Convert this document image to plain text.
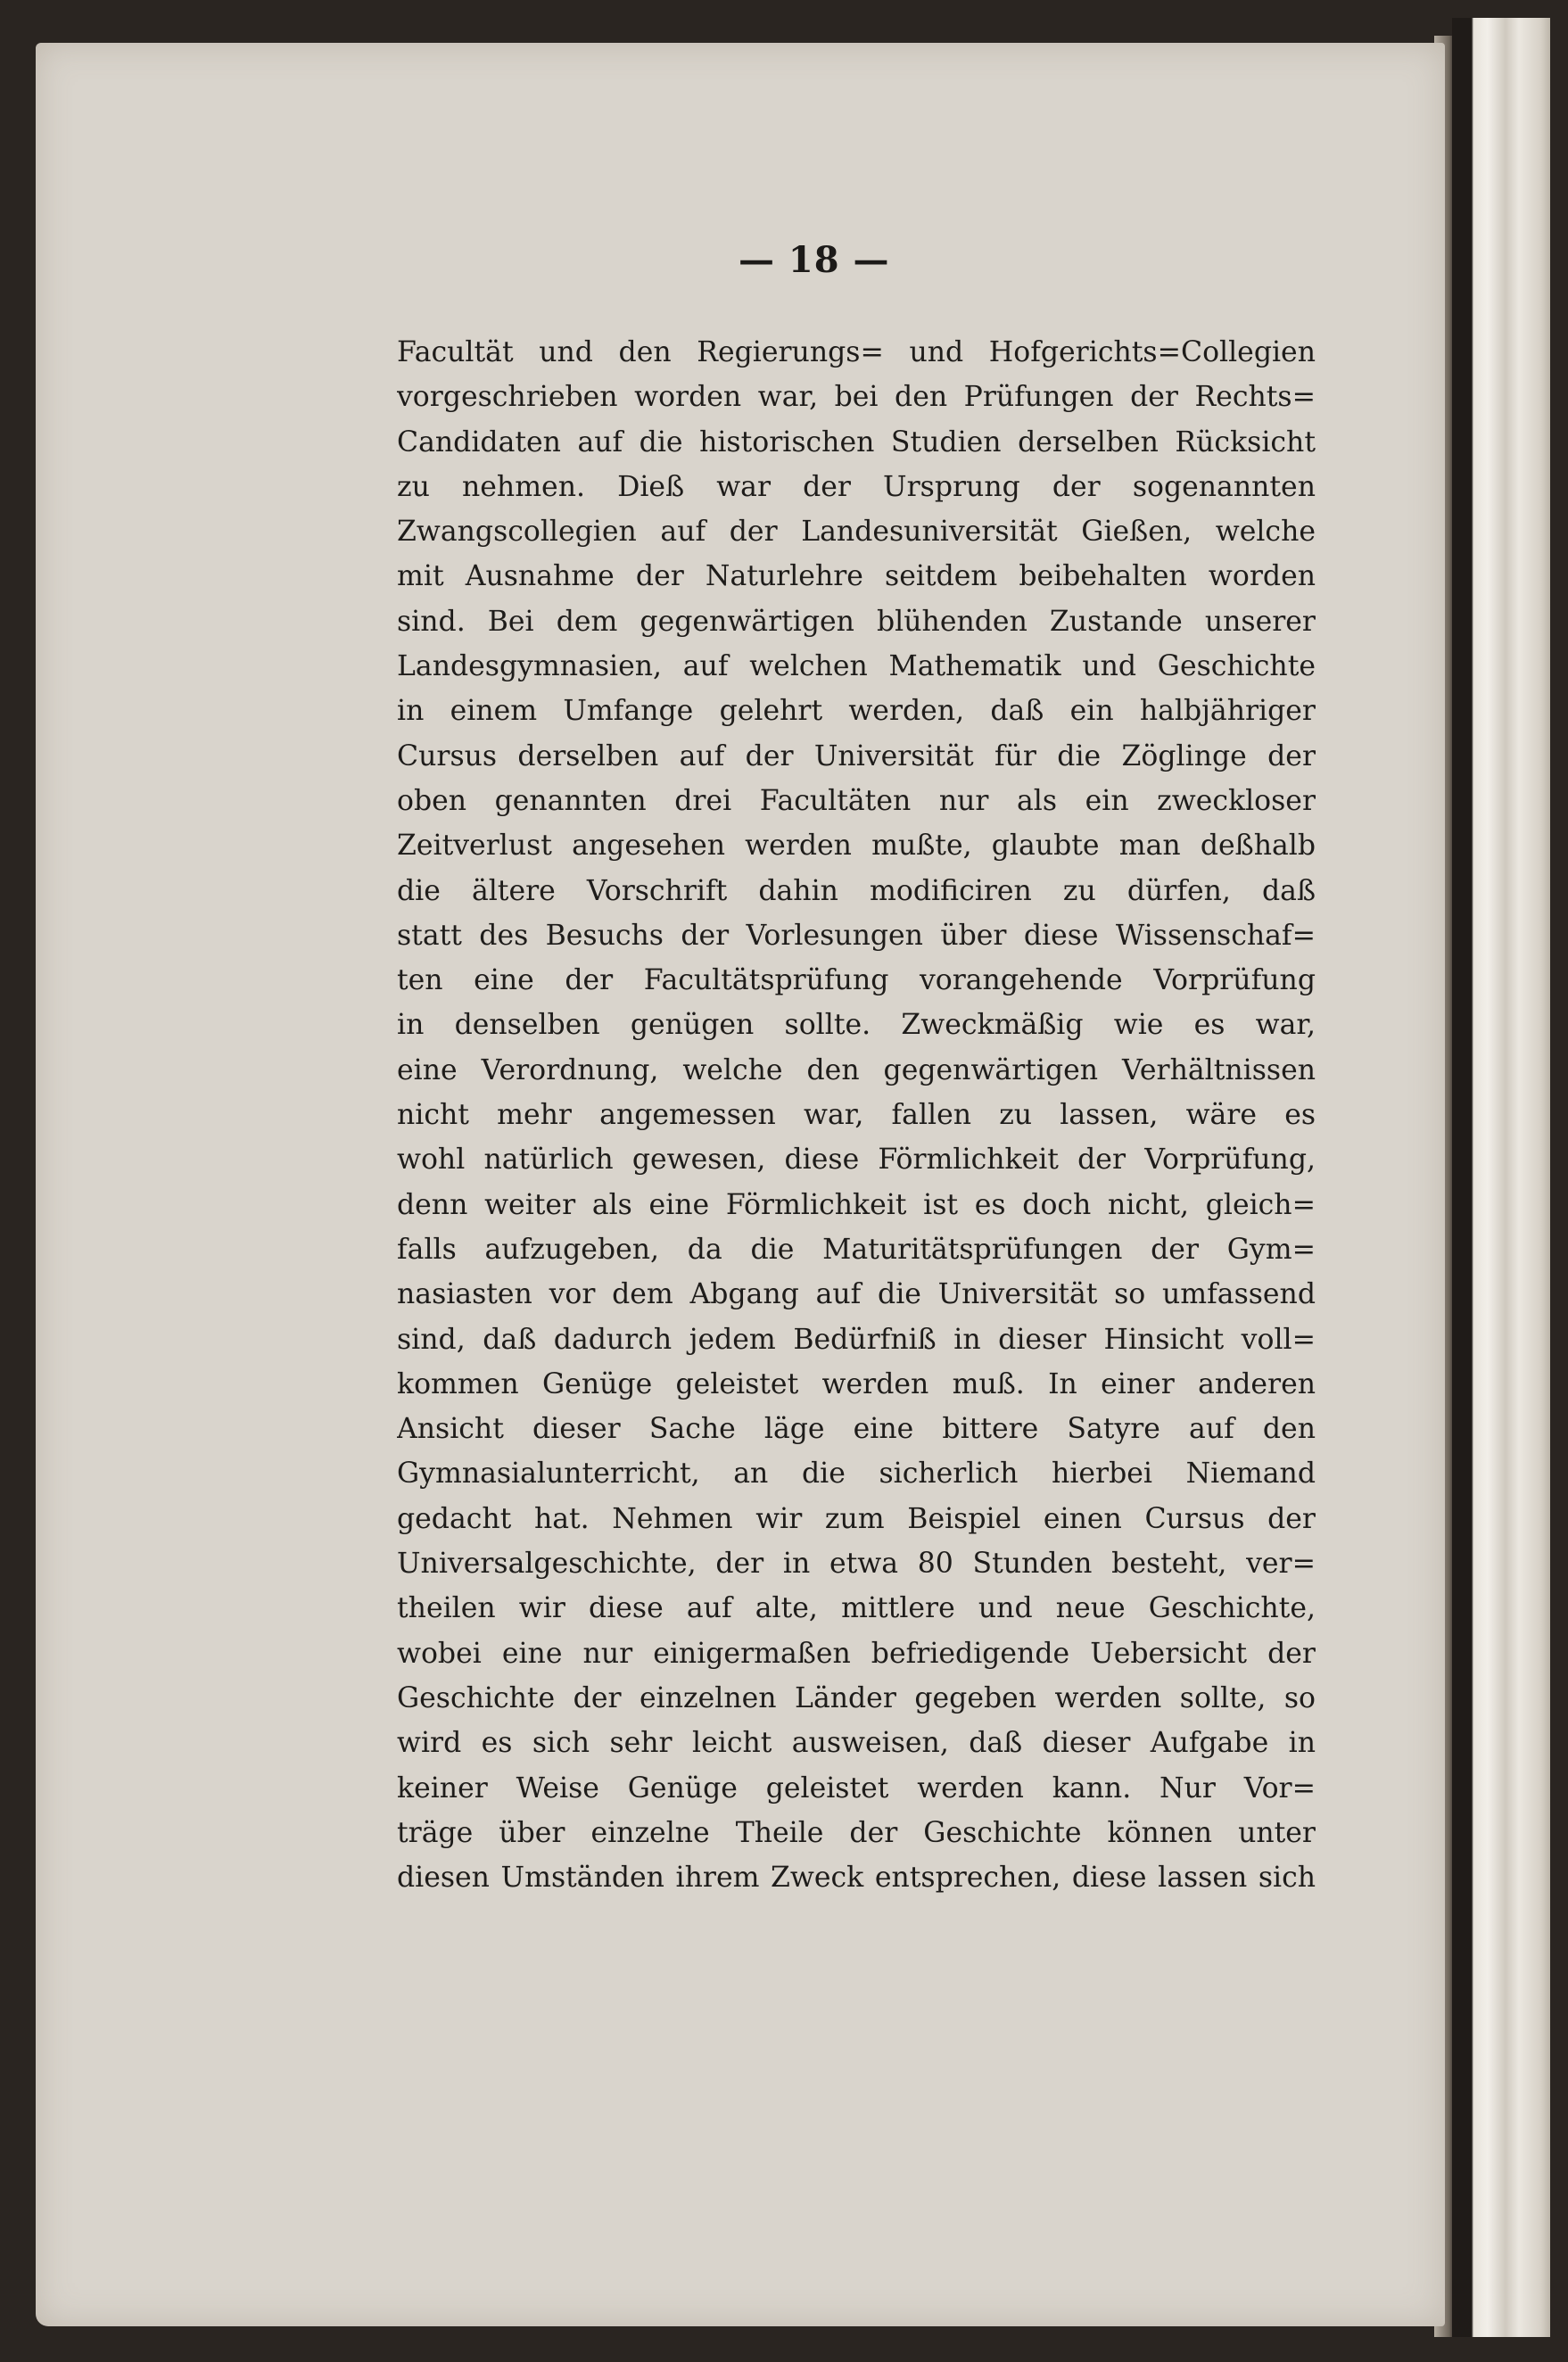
— 18 —
Facultät und den Regierungs= und Hofgerichts=Collegien
vorgeschrieben worden war, bei den Prüfungen der Rechts=
Candidaten auf die historischen Studien derselben Rücksicht
zu nehmen. Dieß war der Ursprung der sogenannten
Zwangscollegien auf der Landesuniversität Gießen, welche
mit Ausnahme der Naturlehre seitdem beibehalten worden
sind. Bei dem gegenwärtigen blühenden Zustande unserer
Landesgymnasien, auf welchen Mathematik und Geschichte
in einem Umfange gelehrt werden, daß ein halbjähriger
Cursus derselben auf der Universität für die Zöglinge der
oben genannten drei Facultäten nur als ein zweckloser
Zeitverlust angesehen werden mußte, glaubte man deßhalb
die ältere Vorschrift dahin modificiren zu dürfen, daß
statt des Besuchs der Vorlesungen über diese Wissenschaf=
ten eine der Facultätsprüfung vorangehende Vorprüfung
in denselben genügen sollte. Zweckmäßig wie es war,
eine Verordnung, welche den gegenwärtigen Verhältnissen
nicht mehr angemessen war, fallen zu lassen, wäre es
wohl natürlich gewesen, diese Förmlichkeit der Vorprüfung,
denn weiter als eine Förmlichkeit ist es doch nicht, gleich=
falls aufzugeben, da die Maturitätsprüfungen der Gym=
nasiasten vor dem Abgang auf die Universität so umfassend
sind, daß dadurch jedem Bedürfniß in dieser Hinsicht voll=
kommen Genüge geleistet werden muß. In einer anderen
Ansicht dieser Sache läge eine bittere Satyre auf den
Gymnasialunterricht, an die sicherlich hierbei Niemand
gedacht hat. Nehmen wir zum Beispiel einen Cursus der
Universalgeschichte, der in etwa 80 Stunden besteht, ver=
theilen wir diese auf alte, mittlere und neue Geschichte,
wobei eine nur einigermaßen befriedigende Uebersicht der
Geschichte der einzelnen Länder gegeben werden sollte, so
wird es sich sehr leicht ausweisen, daß dieser Aufgabe in
keiner Weise Genüge geleistet werden kann. Nur Vor=
träge über einzelne Theile der Geschichte können unter
diesen Umständen ihrem Zweck entsprechen, diese lassen sich
